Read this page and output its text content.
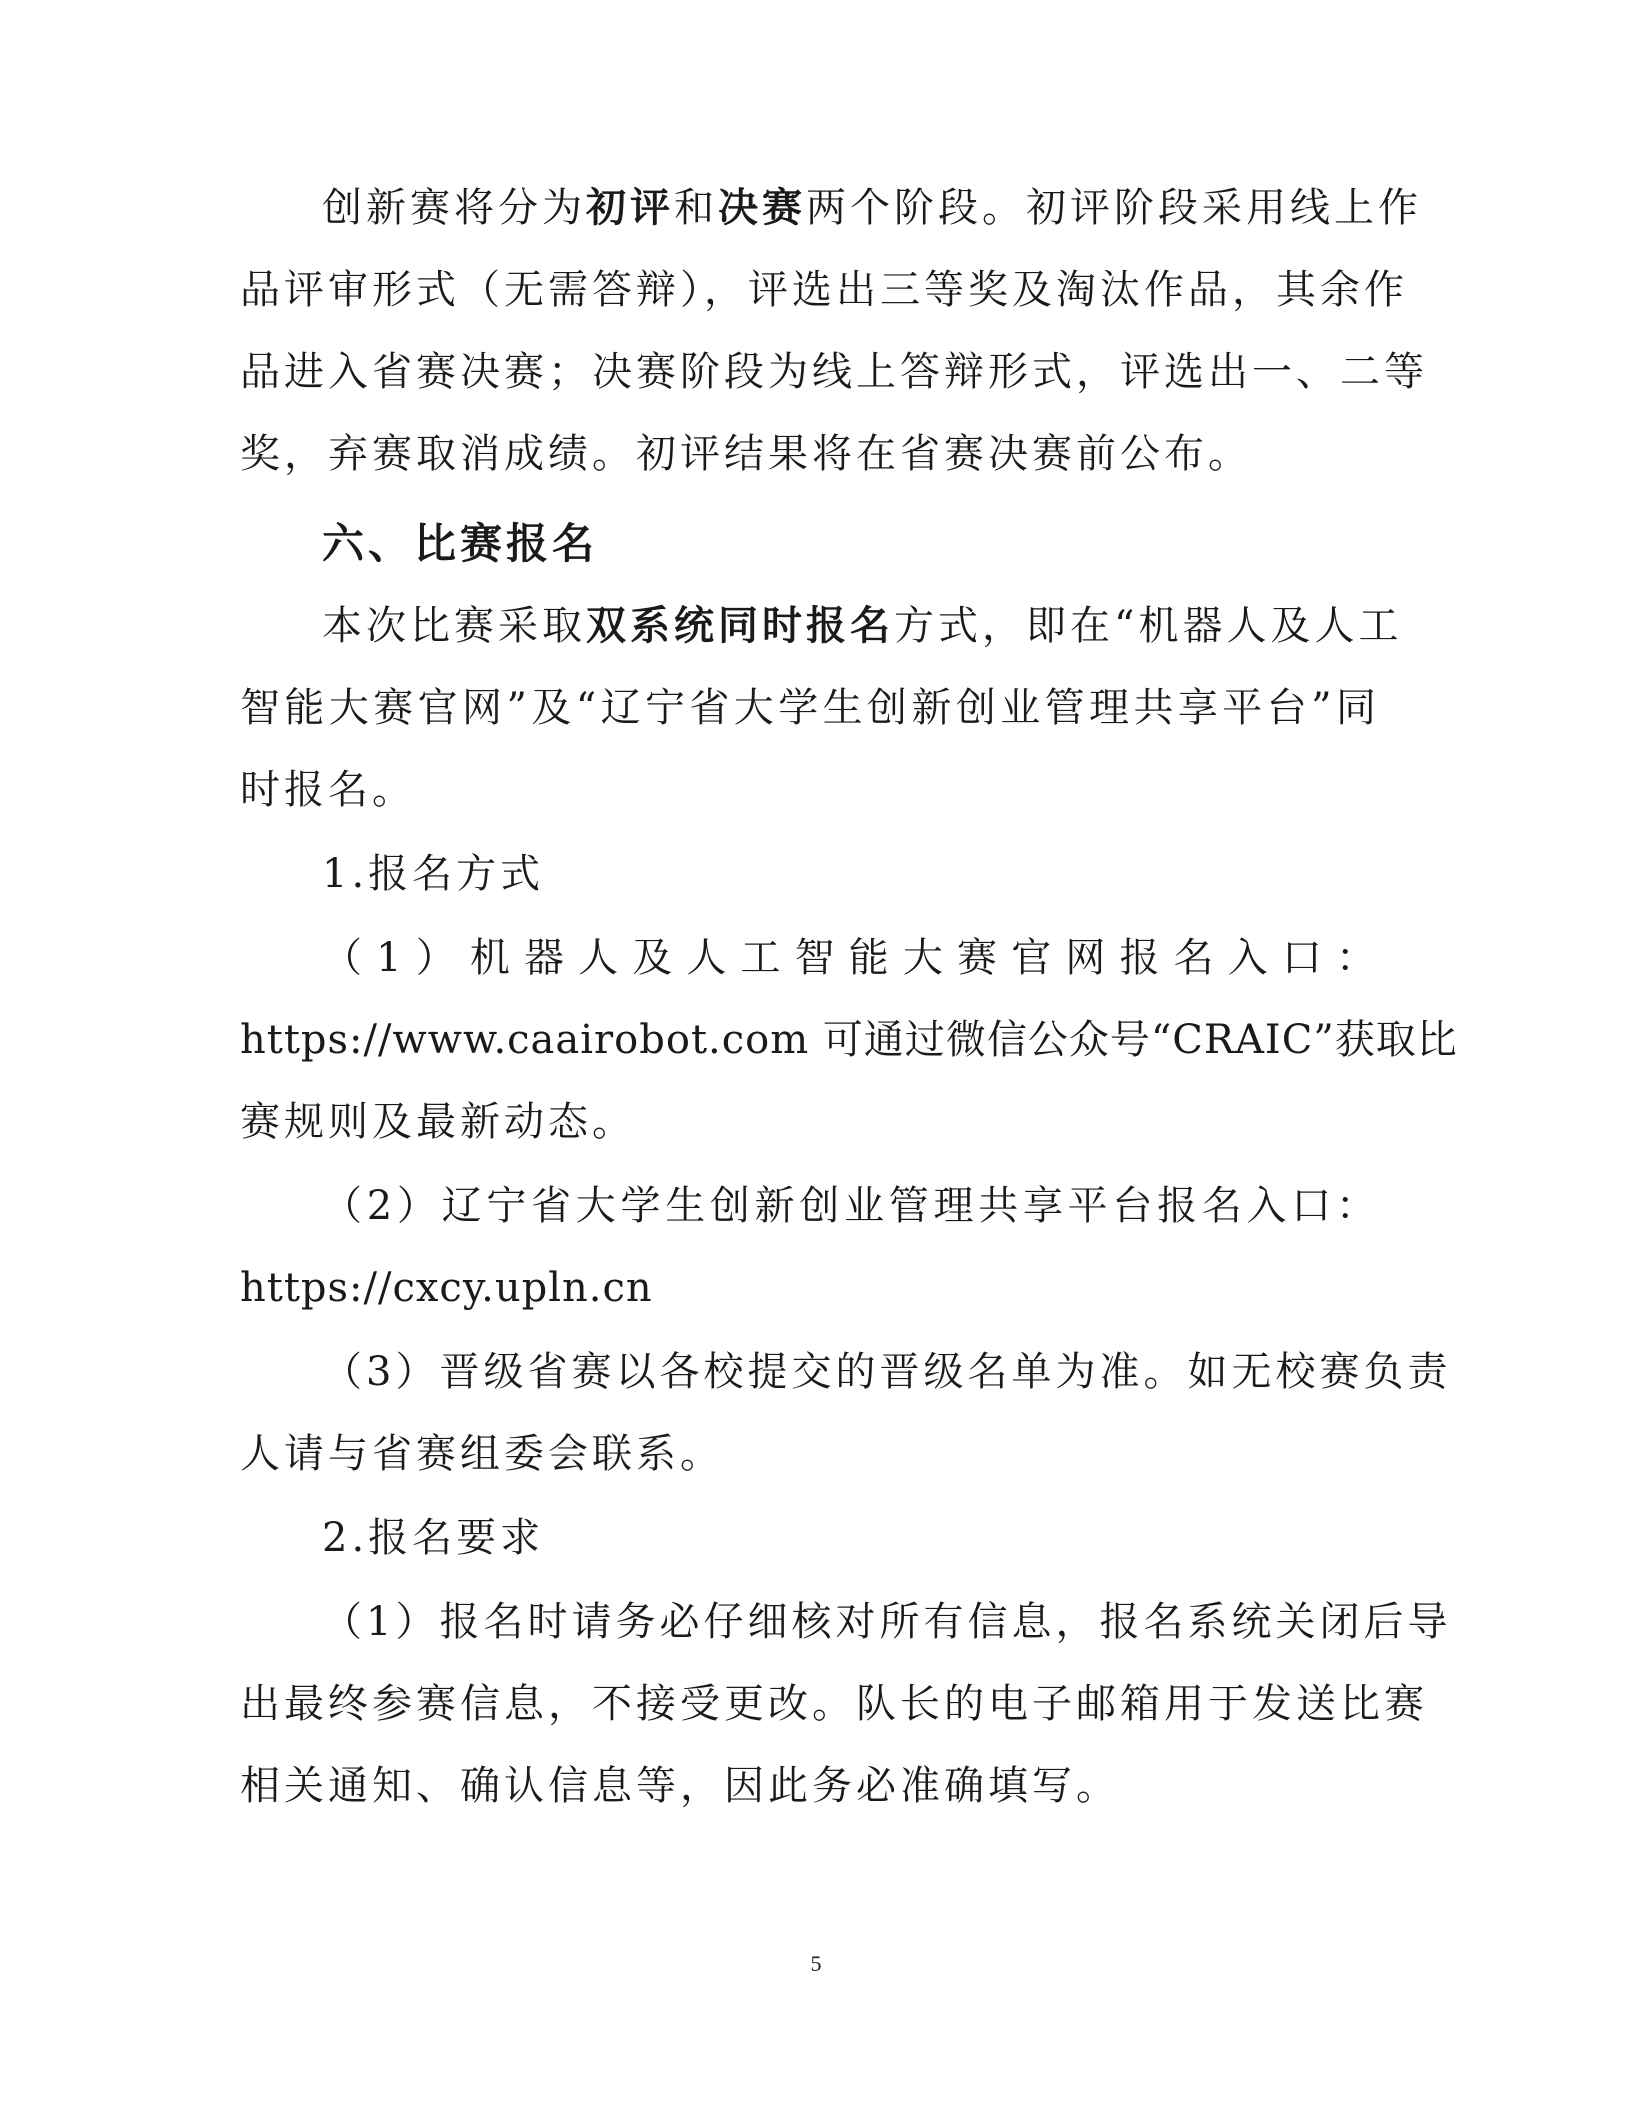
创新赛将分为初评和决赛两个阶段。初评阶段采用线上作
品评审形式（无需答辩），评选出三等奖及淘汰作品，其余作
品进入省赛决赛；决赛阶段为线上答辩形式，评选出一、二等
奖，弃赛取消成绩。初评结果将在省赛决赛前公布。
六、比赛报名
本次比赛采取双系统同时报名方式，即在“机器人及人工
智能大赛官网”及“辽宁省大学生创新创业管理共享平台”同
时报名。
1.报名方式
（1）机器人及人工智能大赛官网报名入口：
https://www.caairobot.com 可通过微信公众号“CRAIC”获取比
赛规则及最新动态。
（2）辽宁省大学生创新创业管理共享平台报名入口：
https://cxcy.upln.cn
（3）晋级省赛以各校提交的晋级名单为准。如无校赛负责
人请与省赛组委会联系。
2.报名要求
（1）报名时请务必仔细核对所有信息，报名系统关闭后导
出最终参赛信息，不接受更改。队长的电子邮箱用于发送比赛
相关通知、确认信息等，因此务必准确填写。
5
